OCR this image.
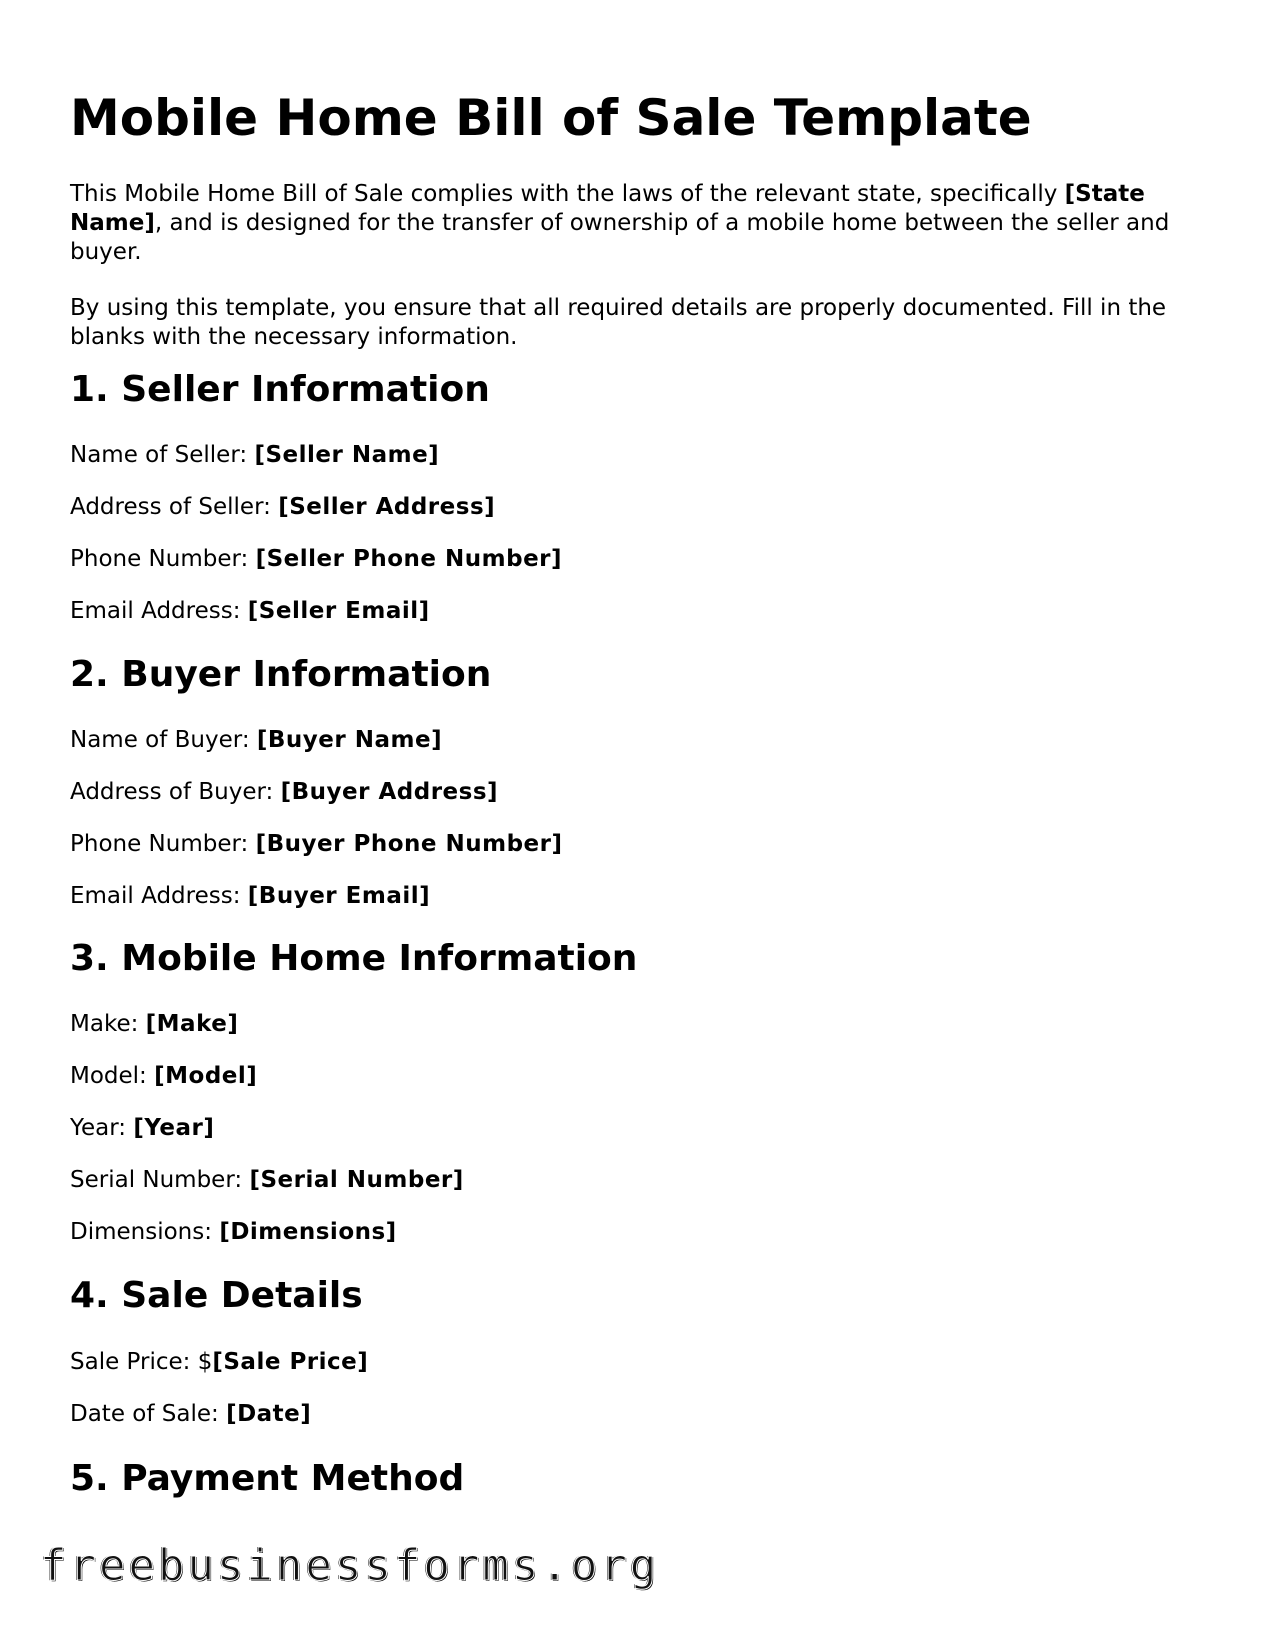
Mobile Home Bill of Sale Template

This Mobile Home Bill of Sale complies with the laws of the relevant state, specifically [State Name], and is designed for the transfer of ownership of a mobile home between the seller and buyer.

By using this template, you ensure that all required details are properly documented. Fill in the blanks with the necessary information.

1. Seller Information

Name of Seller: [Seller Name]

Address of Seller: [Seller Address]

Phone Number: [Seller Phone Number]

Email Address: [Seller Email]

2. Buyer Information

Name of Buyer: [Buyer Name]

Address of Buyer: [Buyer Address]

Phone Number: [Buyer Phone Number]

Email Address: [Buyer Email]

3. Mobile Home Information

Make: [Make]

Model: [Model]

Year: [Year]

Serial Number: [Serial Number]

Dimensions: [Dimensions]

4. Sale Details

Sale Price: $[Sale Price]

Date of Sale: [Date]

5. Payment Method
freebusinessforms.org
